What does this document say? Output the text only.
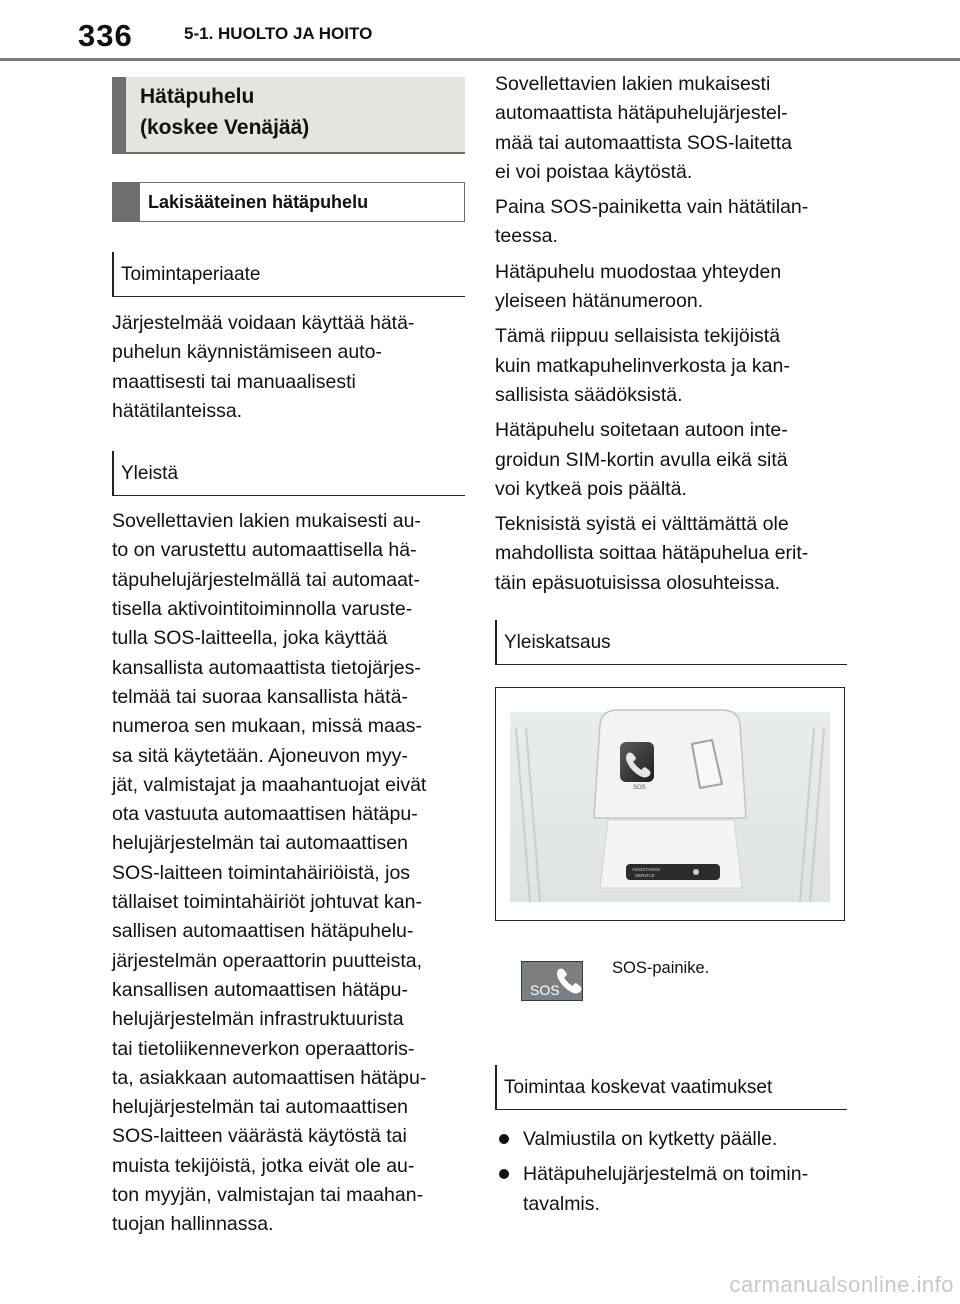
336	5-1. HUOLTO JA HOITO
Hätäpuhelu
(koskee Venäjää)
Lakisääteinen hätäpuhelu
Toimintaperiaate

Järjestelmää voidaan käyttää hätä-
puhelun käynnistämiseen auto-
maattisesti tai manuaalisesti
hätätilanteissa.

Yleistä

Sovellettavien lakien mukaisesti au-
to on varustettu automaattisella hä-
täpuhelujärjestelmällä tai automaat-
tisella aktivointitoiminnolla varuste-
tulla SOS-laitteella, joka käyttää
kansallista automaattista tietojärjes-
telmää tai suoraa kansallista hätä-
numeroa sen mukaan, missä maas-
sa sitä käytetään. Ajoneuvon myy-
jät, valmistajat ja maahantuojat eivät
ota vastuuta automaattisen hätäpu-
helujärjestelmän tai automaattisen
SOS-laitteen toimintahäiriöistä, jos
tällaiset toimintahäiriöt johtuvat kan-
sallisen automaattisen hätäpuhelu-
järjestelmän operaattorin puutteista,
kansallisen automaattisen hätäpu-
helujärjestelmän infrastruktuurista
tai tietoliikenneverkon operaattoris-
ta, asiakkaan automaattisen hätäpu-
helujärjestelmän tai automaattisen
SOS-laitteen väärästä käytöstä tai
muista tekijöistä, jotka eivät ole au-
ton myyjän, valmistajan tai maahan-
tuojan hallinnassa.

Sovellettavien lakien mukaisesti
automaattista hätäpuhelujärjestel-
mää tai automaattista SOS-laitetta
ei voi poistaa käytöstä.

Paina SOS-painiketta vain hätätilan-
teessa.

Hätäpuhelu muodostaa yhteyden
yleiseen hätänumeroon.

Tämä riippuu sellaisista tekijöistä
kuin matkapuhelinverkosta ja kan-
sallisista säädöksistä.

Hätäpuhelu soitetaan autoon inte-
groidun SIM-kortin avulla eikä sitä
voi kytkeä pois päältä.

Teknisistä syistä ei välttämättä ole
mahdollista soittaa hätäpuhelua erit-
täin epäsuotuisissa olosuhteissa.

Yleiskatsaus
SOS
ASSISTANCE
SERVICE
SOS
SOS-painike.
Toimintaa koskevat vaatimukset
Valmiustila on kytketty päälle.
Hätäpuhelujärjestelmä on toimin-
tavalmis.
carmanualsonline.info
